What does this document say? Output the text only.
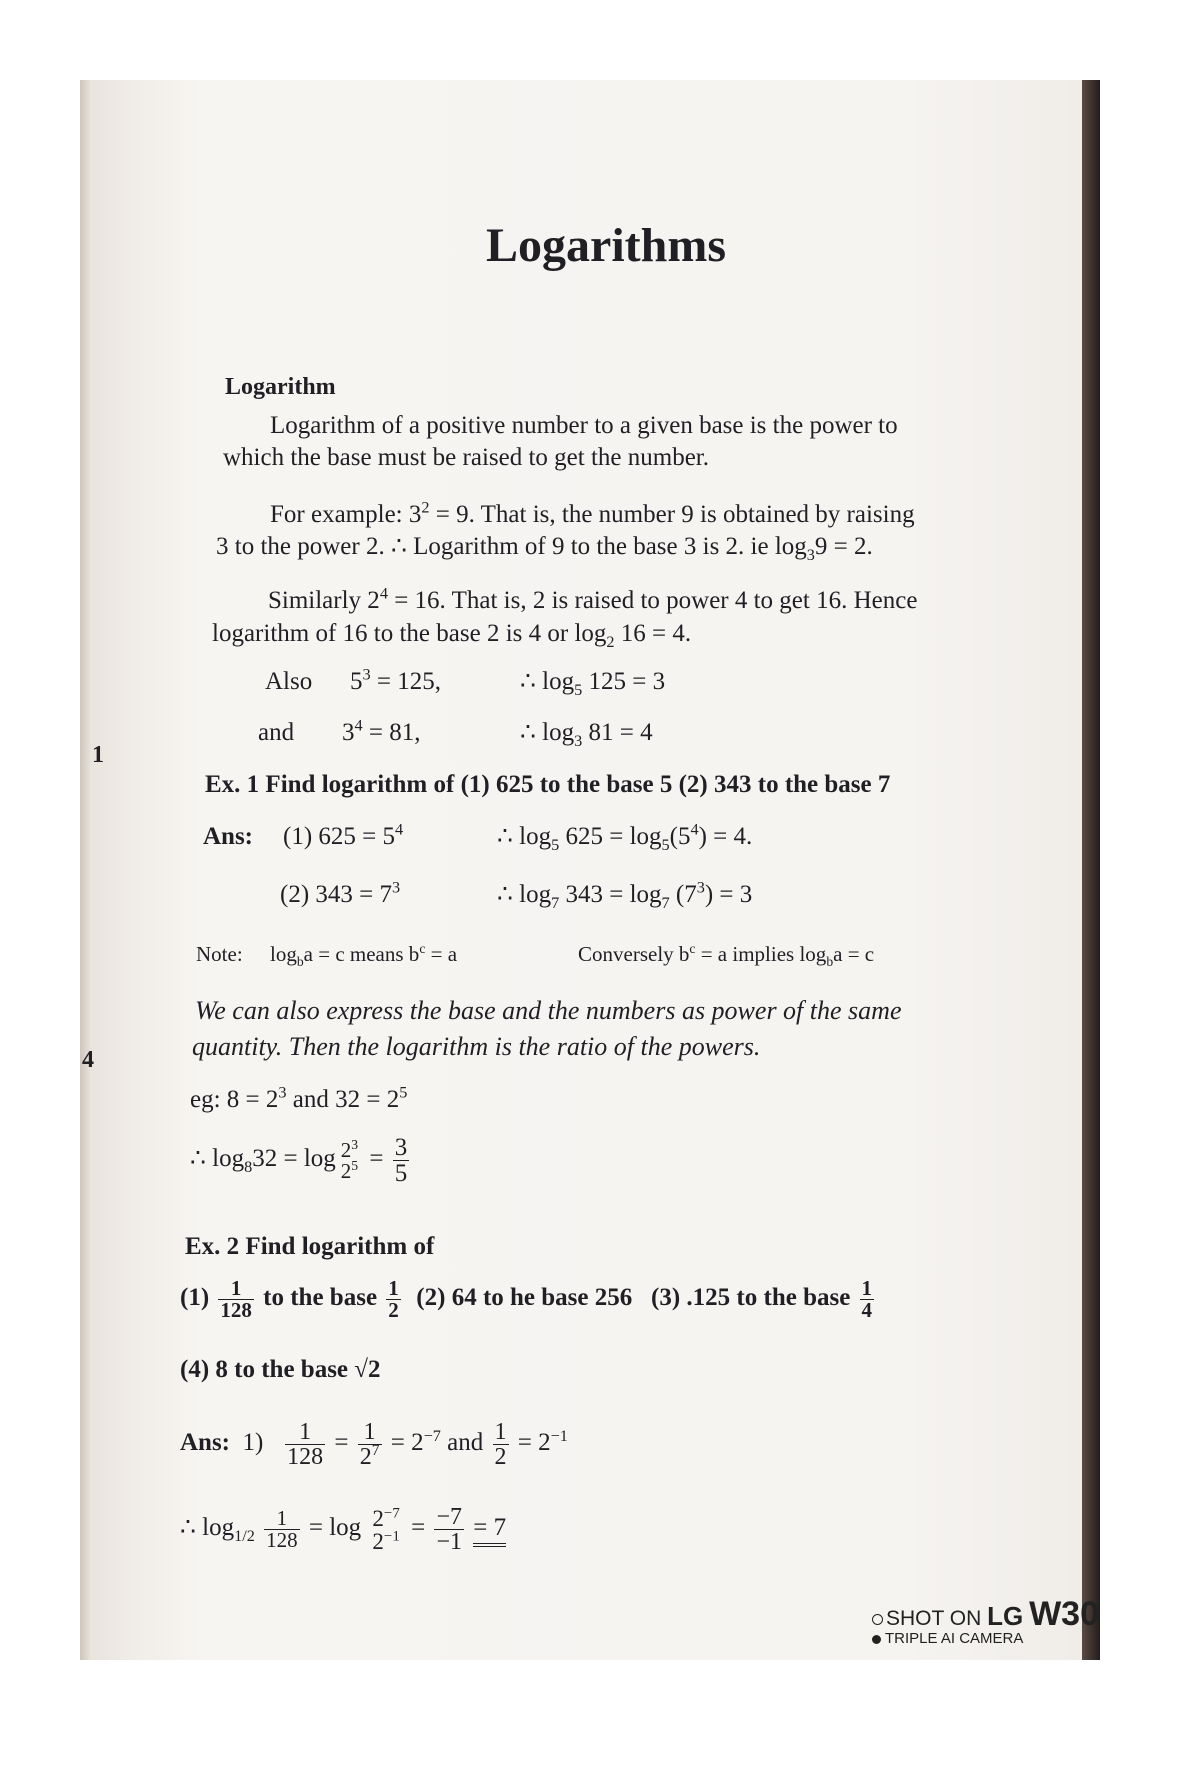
1
4
Logarithms
Logarithm
Logarithm of a positive number to a given base is the power to
which the base must be raised to get the number.
For example: $3^2 = 9$. That is, the number 9 is obtained by raising
3 to the power 2. ∴ Logarithm of 9 to the base 3 is 2. ie $\log_39 = 2$.
Similarly $2^4 = 16$. That is, 2 is raised to power 4 to get 16. Hence
logarithm of 16 to the base 2 is 4 or $\log_2 16 = 4$.
Also $5^3 = 125$,	∴ $\log_5 125 = 3$
and $3^4 = 81$,	∴ $\log_3 81 = 4$
Ex. 1 Find logarithm of (1) 625 to the base 5 (2) 343 to the base 7
Ans: (1) $625 = 5^4$	∴ $\log_5 625 = \log_5(5^4) = 4$.
(2) $343 = 7^3$	∴ $\log_7 343 = \log_7 (7^3) = 3$
Note: $\log_ba = c$ means $b^c = a$	Conversely $b^c = a$ implies $\log_ba = c$
We can also express the base and the numbers as power of the same
quantity. Then the logarithm is the ratio of the powers.
eg: $8 = 2^3$ and $32 = 2^5$
∴ $\log_832 = \log 2^3$
$2^5 = \frac{3}{5}$
Ex. 2 Find logarithm of
$(1) \frac{1}{128}$ to the base $\frac{1}{2} (2)$ 64 to he base 256 (3) .125 to the base $\frac{1}{4}$
(4) 8 to the base √2
Ans: $1) \frac{1}{128} = \frac{1}{2^7} = 2^{-7}$ and $\frac{1}{2} = 2^{-1}$
∴ $\log_{1/2} \frac{1}{128} = \log 2^{-7}$
$2^{-1} = \frac{-7}{-1} = 7$
SHOT ON LG W30
TRIPLE AI CAMERA
